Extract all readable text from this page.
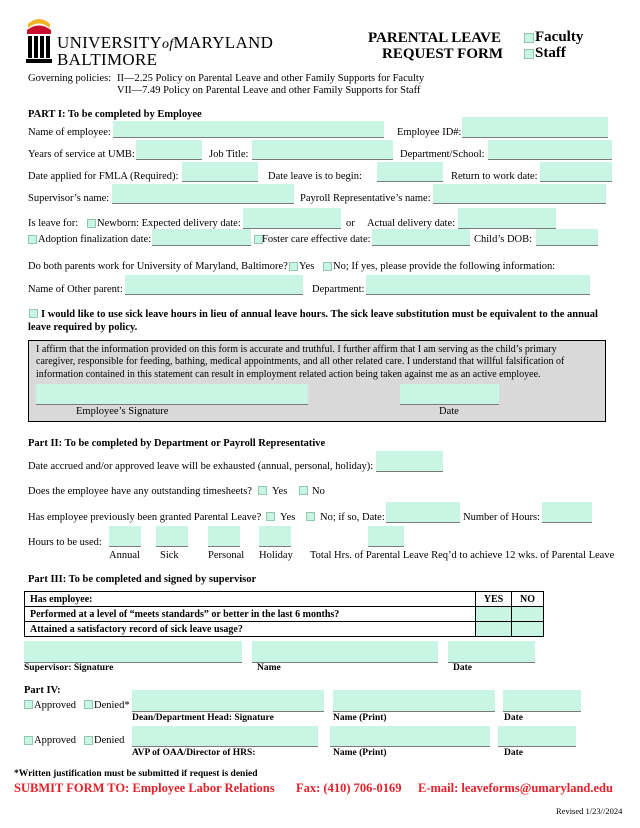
UNIVERSITYofMARYLAND
BALTIMORE
PARENTAL LEAVE
REQUEST FORM
Faculty
Staff
Governing policies: II—2.25 Policy on Parental Leave and other Family Supports for Faculty
VII—7.49 Policy on Parental Leave and other Family Supports for Staff
PART I: To be completed by Employee
Name of employee:	Employee ID#:
Years of service at UMB:	Job Title:	Department/School:
Date applied for FMLA (Required):	Date leave is to begin:	Return to work date:
Supervisor’s name:	Payroll Representative’s name:
Is leave for: Newborn: Expected delivery date:	or Actual delivery date:
Adoption finalization date:	Foster care effective date:	Child’s DOB:
Do both parents work for University of Maryland, Baltimore? Yes No; If yes, please provide the following information:
Name of Other parent:	Department:
I would like to use sick leave hours in lieu of annual leave hours. The sick leave substitution must be equivalent to the annual
leave required by policy.
I affirm that the information provided on this form is accurate and truthful. I further affirm that I am serving as the child’s primary caregiver, responsible for feeding, bathing, medical appointments, and all other related care. I understand that willful falsification of information contained in this statement can result in employment related action being taken against me as an active employee.
Employee’s Signature	Date
Part II: To be completed by Department or Payroll Representative
Date accrued and/or approved leave will be exhausted (annual, personal, holiday):
Does the employee have any outstanding timesheets? Yes No
Has employee previously been granted Parental Leave? Yes No; if so, Date:	Number of Hours:
Hours to be used:
Annual Sick	Personal Holiday Total Hrs. of Parental Leave Req’d to achieve 12 wks. of Parental Leave
Part III: To be completed and signed by supervisor
Has employee:	YES	NO
Performed at a level of “meets standards” or better in the last 6 months?		
Attained a satisfactory record of sick leave usage?		
Supervisor: Signature	Name	Date
Part IV:
Approved Denied*
Dean/Department Head: Signature	Name (Print)	Date
Approved Denied
AVP of OAA/Director of HRS:	Name (Print)	Date
*Written justification must be submitted if request is denied
SUBMIT FORM TO: Employee Labor Relations Fax: (410) 706-0169 E-mail: leaveforms@umaryland.edu
Revised 1/23//2024
